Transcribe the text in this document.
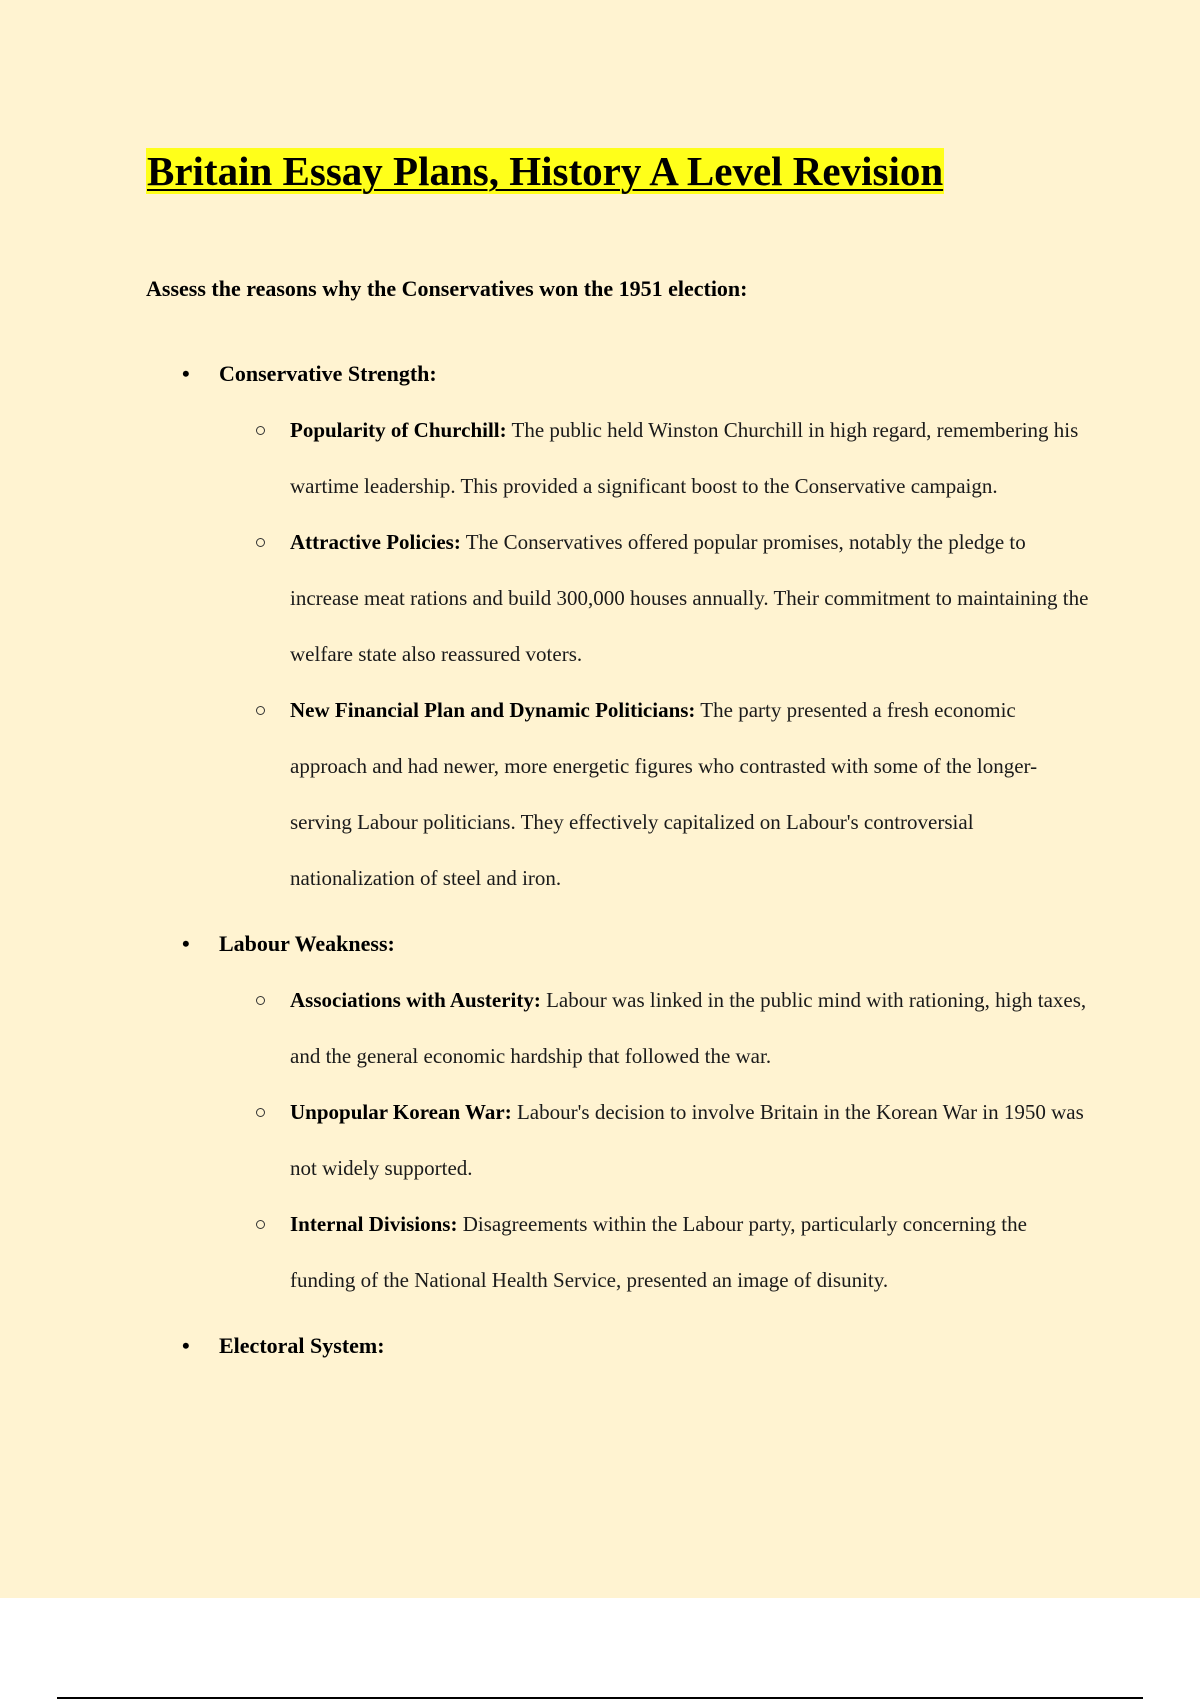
Britain Essay Plans, History A Level Revision

Assess the reasons why the Conservatives won the 1951 election:

• Conservative Strength:
Popularity of Churchill: The public held Winston Churchill in high regard, remembering his wartime leadership. This provided a significant boost to the Conservative campaign.
Attractive Policies: The Conservatives offered popular promises, notably the pledge to increase meat rations and build 300,000 houses annually. Their commitment to maintaining the welfare state also reassured voters.
New Financial Plan and Dynamic Politicians: The party presented a fresh economic approach and had newer, more energetic figures who contrasted with some of the longer-serving Labour politicians. They effectively capitalized on Labour's controversial nationalization of steel and iron.
• Labour Weakness:
Associations with Austerity: Labour was linked in the public mind with rationing, high taxes, and the general economic hardship that followed the war.
Unpopular Korean War: Labour's decision to involve Britain in the Korean War in 1950 was not widely supported.
Internal Divisions: Disagreements within the Labour party, particularly concerning the funding of the National Health Service, presented an image of disunity.
• Electoral System:
